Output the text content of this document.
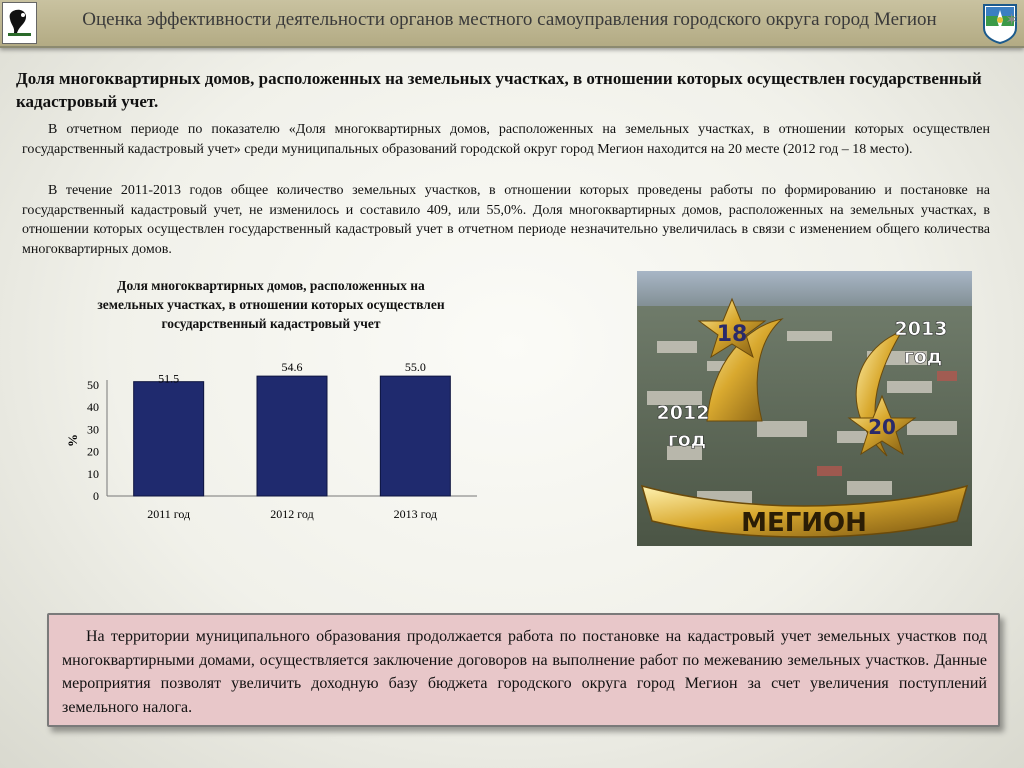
Оценка эффективности деятельности органов местного самоуправления городского округа город Мегион	✶
Доля многоквартирных домов, расположенных на земельных участках, в отношении которых осуществлен государственный кадастровый учет.
В отчетном периоде по показателю «Доля многоквартирных домов, расположенных на земельных участках, в отношении которых осуществлен государственный кадастровый учет» среди муниципальных образований городской округ город Мегион находится на 20 месте (2012 год – 18 место).
В течение 2011-2013 годов общее количество земельных участков, в отношении которых проведены работы по формированию и постановке на государственный кадастровый учет, не изменилось и составило 409, или 55,0%. Доля многоквартирных домов, расположенных на земельных участках, в отношении которых осуществлен государственный кадастровый учет в отчетном периоде незначительно увеличилась в связи с изменением общего количества многоквартирных домов.
Доля многоквартирных домов, расположенных на земельных участках, в отношении которых осуществлен государственный кадастровый учет
0
10
20
30
40
50
%
51.5
2011 год
54.6
2012 год
55.0
2013 год
18
20
2012
год
2013
год
МЕГИОН
На территории муниципального образования продолжается работа по постановке на кадастровый учет земельных участков под многоквартирными домами, осуществляется заключение договоров на выполнение работ по межеванию земельных участков. Данные мероприятия позволят увеличить доходную базу бюджета городского округа город Мегион за счет увеличения поступлений земельного налога.
